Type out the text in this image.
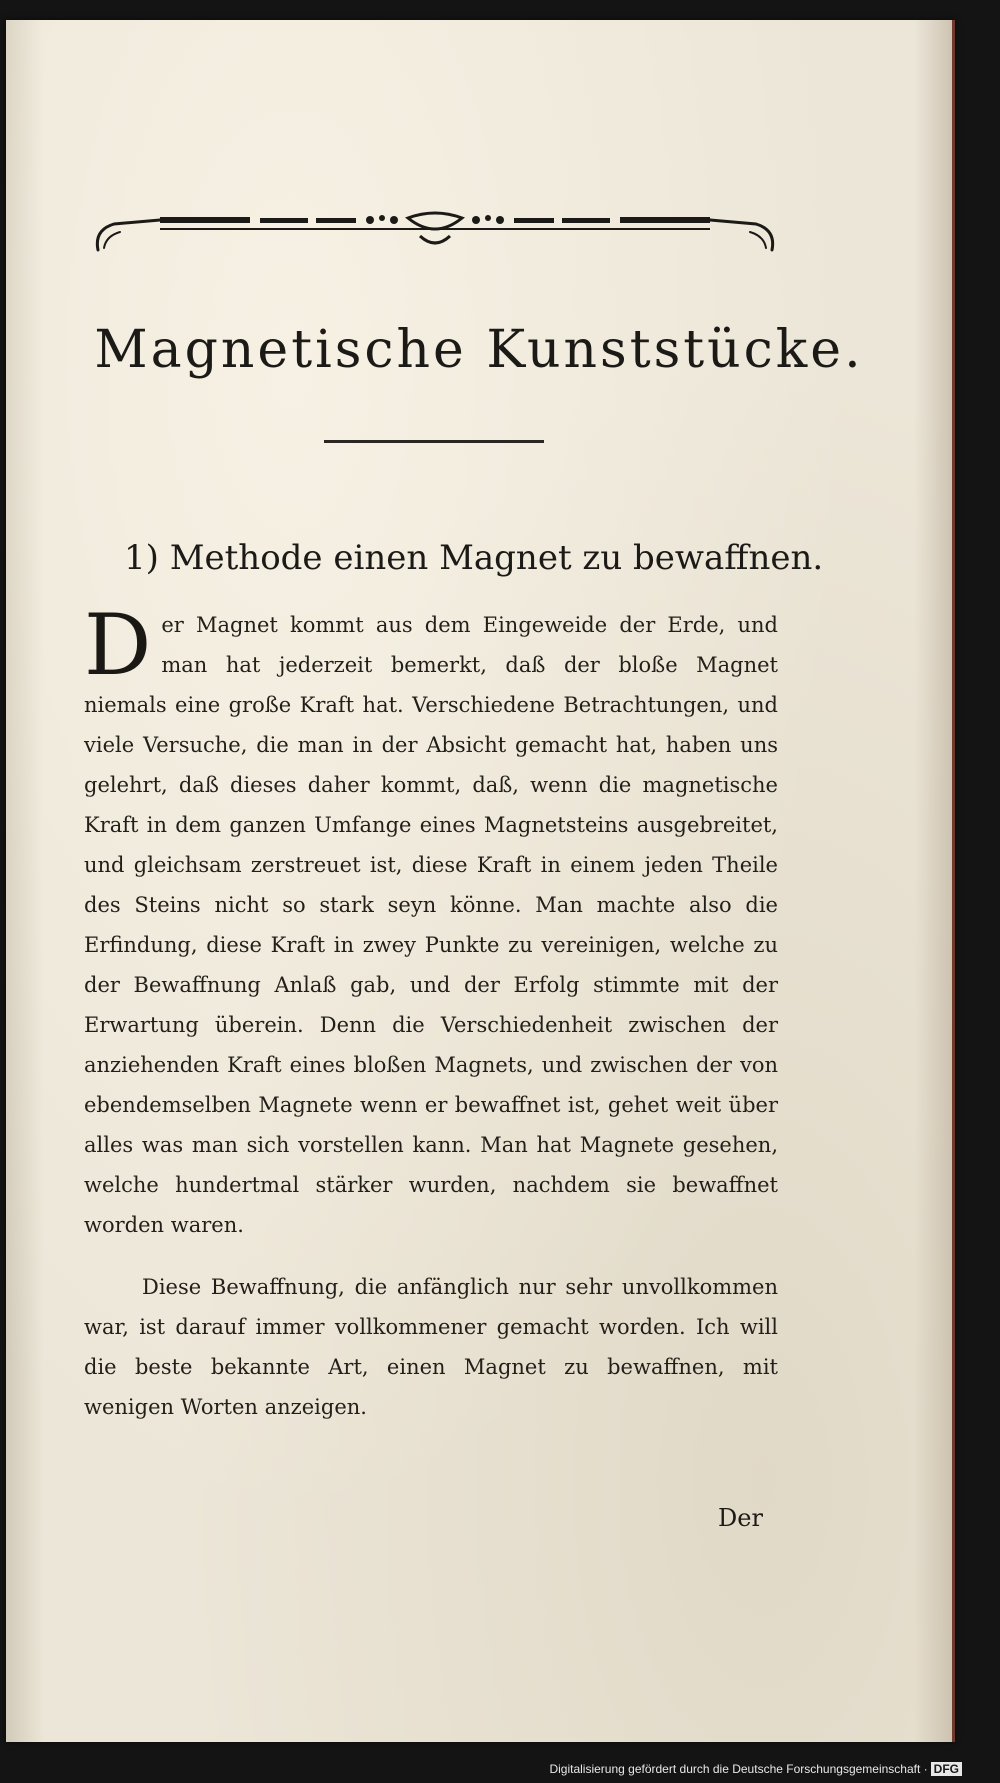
Magnetische Kunststücke.
1) Methode einen Magnet zu bewaffnen.

Der Magnet kommt aus dem Eingeweide der Erde, und man hat jederzeit bemerkt, daß der bloße Magnet niemals eine große Kraft hat. Verschiedene Betrachtungen, und viele Versuche, die man in der Absicht gemacht hat, haben uns gelehrt, daß dieses daher kommt, daß, wenn die magnetische Kraft in dem ganzen Umfange eines Magnetsteins ausgebreitet, und gleichsam zerstreuet ist, diese Kraft in einem jeden Theile des Steins nicht so stark seyn könne. Man machte also die Erfindung, diese Kraft in zwey Punkte zu vereinigen, welche zu der Bewaffnung Anlaß gab, und der Erfolg stimmte mit der Erwartung überein. Denn die Verschiedenheit zwischen der anziehenden Kraft eines bloßen Magnets, und zwischen der von ebendemselben Magnete wenn er bewaffnet ist, gehet weit über alles was man sich vorstellen kann. Man hat Magnete gesehen, welche hundertmal stärker wurden, nachdem sie bewaffnet worden waren.

Diese Bewaffnung, die anfänglich nur sehr unvollkommen war, ist darauf immer vollkommener gemacht worden. Ich will die beste bekannte Art, einen Magnet zu bewaffnen, mit wenigen Worten anzeigen.

Der
Digitalisierung gefördert durch die Deutsche Forschungsgemeinschaft · DFG
